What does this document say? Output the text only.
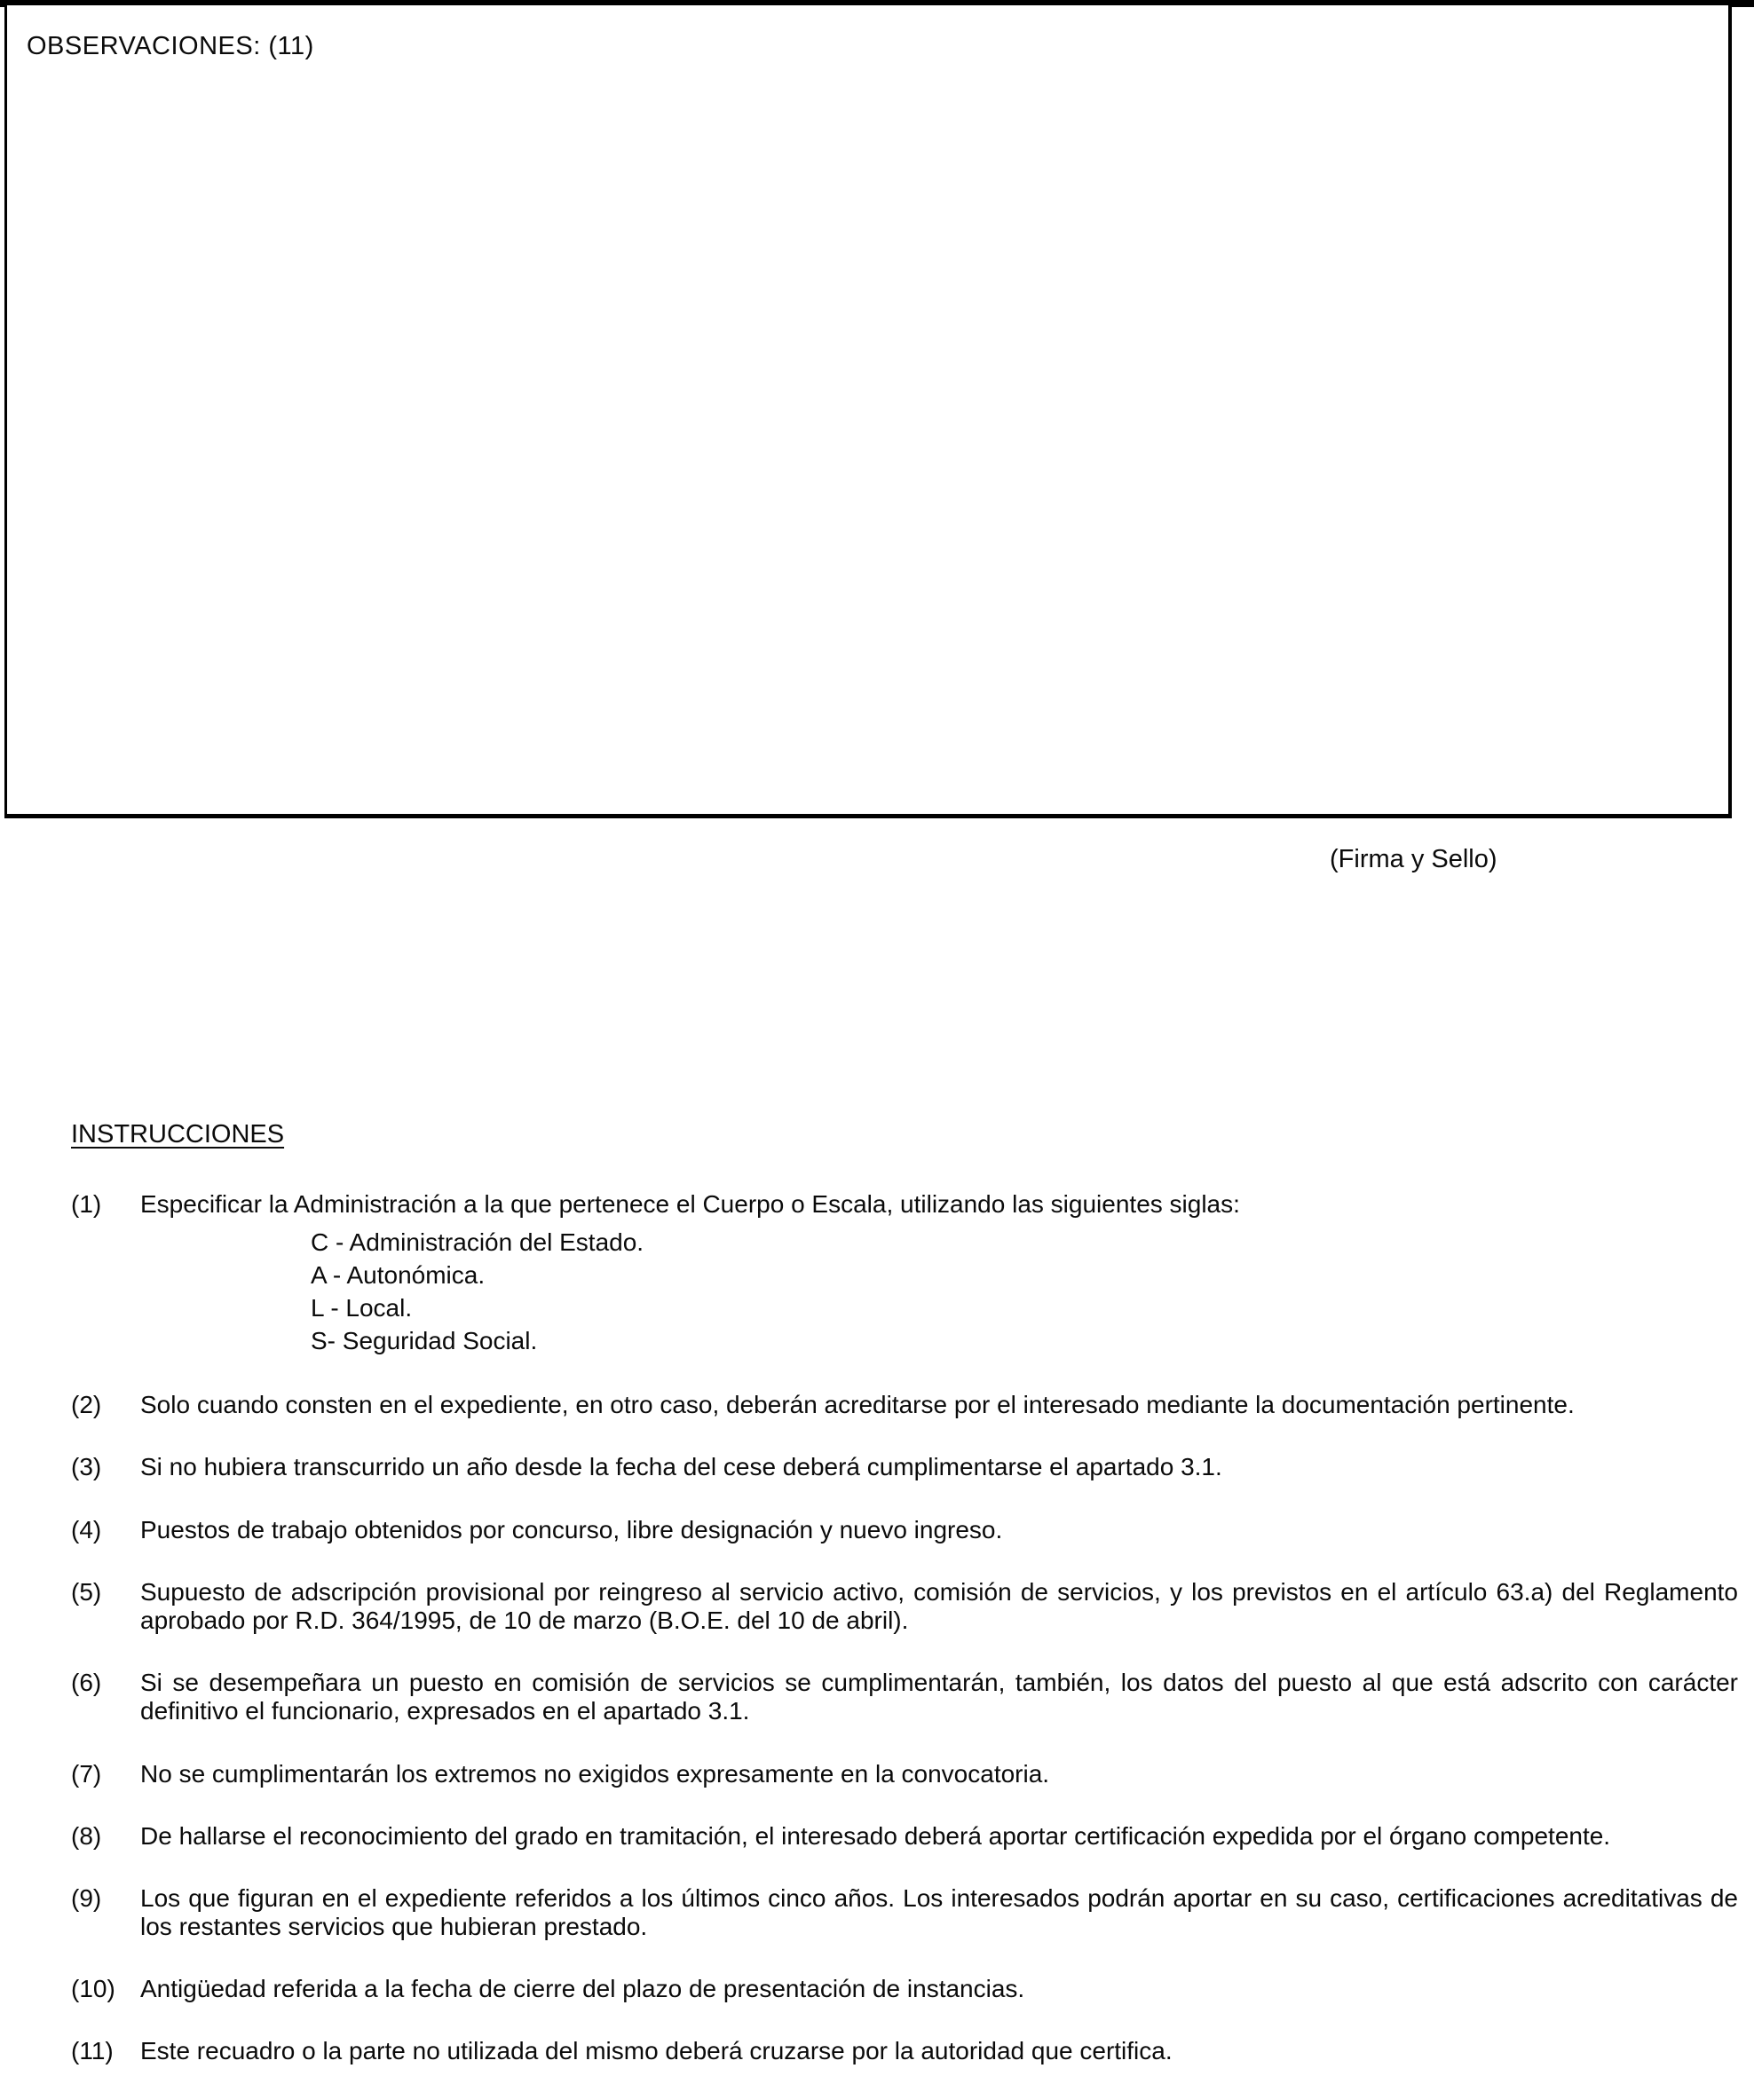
OBSERVACIONES: (11)
(Firma y Sello)
INSTRUCCIONES
(1)	Especificar la Administración a la que pertenece el Cuerpo o Escala, utilizando las siguientes siglas:
C - Administración del Estado.
A - Autonómica.
L - Local.
S- Seguridad Social.
(2)	Solo cuando consten en el expediente, en otro caso, deberán acreditarse por el interesado mediante la documentación pertinente.
(3)	Si no hubiera transcurrido un año desde la fecha del cese deberá cumplimentarse el apartado 3.1.
(4)	Puestos de trabajo obtenidos por concurso, libre designación y nuevo ingreso.
(5)	Supuesto de adscripción provisional por reingreso al servicio activo, comisión de servicios, y los previstos en el artículo 63.a) del Reglamento aprobado por R.D. 364/1995, de 10 de marzo (B.O.E. del 10 de abril).
(6)	Si se desempeñara un puesto en comisión de servicios se cumplimentarán, también, los datos del puesto al que está adscrito con carácter definitivo el funcionario, expresados en el apartado 3.1.
(7)	No se cumplimentarán los extremos no exigidos expresamente en la convocatoria.
(8)	De hallarse el reconocimiento del grado en tramitación, el interesado deberá aportar certificación expedida por el órgano competente.
(9)	Los que figuran en el expediente referidos a los últimos cinco años. Los interesados podrán aportar en su caso, certificaciones acreditativas de los restantes servicios que hubieran prestado.
(10)	Antigüedad referida a la fecha de cierre del plazo de presentación de instancias.
(11)	Este recuadro o la parte no utilizada del mismo deberá cruzarse por la autoridad que certifica.
